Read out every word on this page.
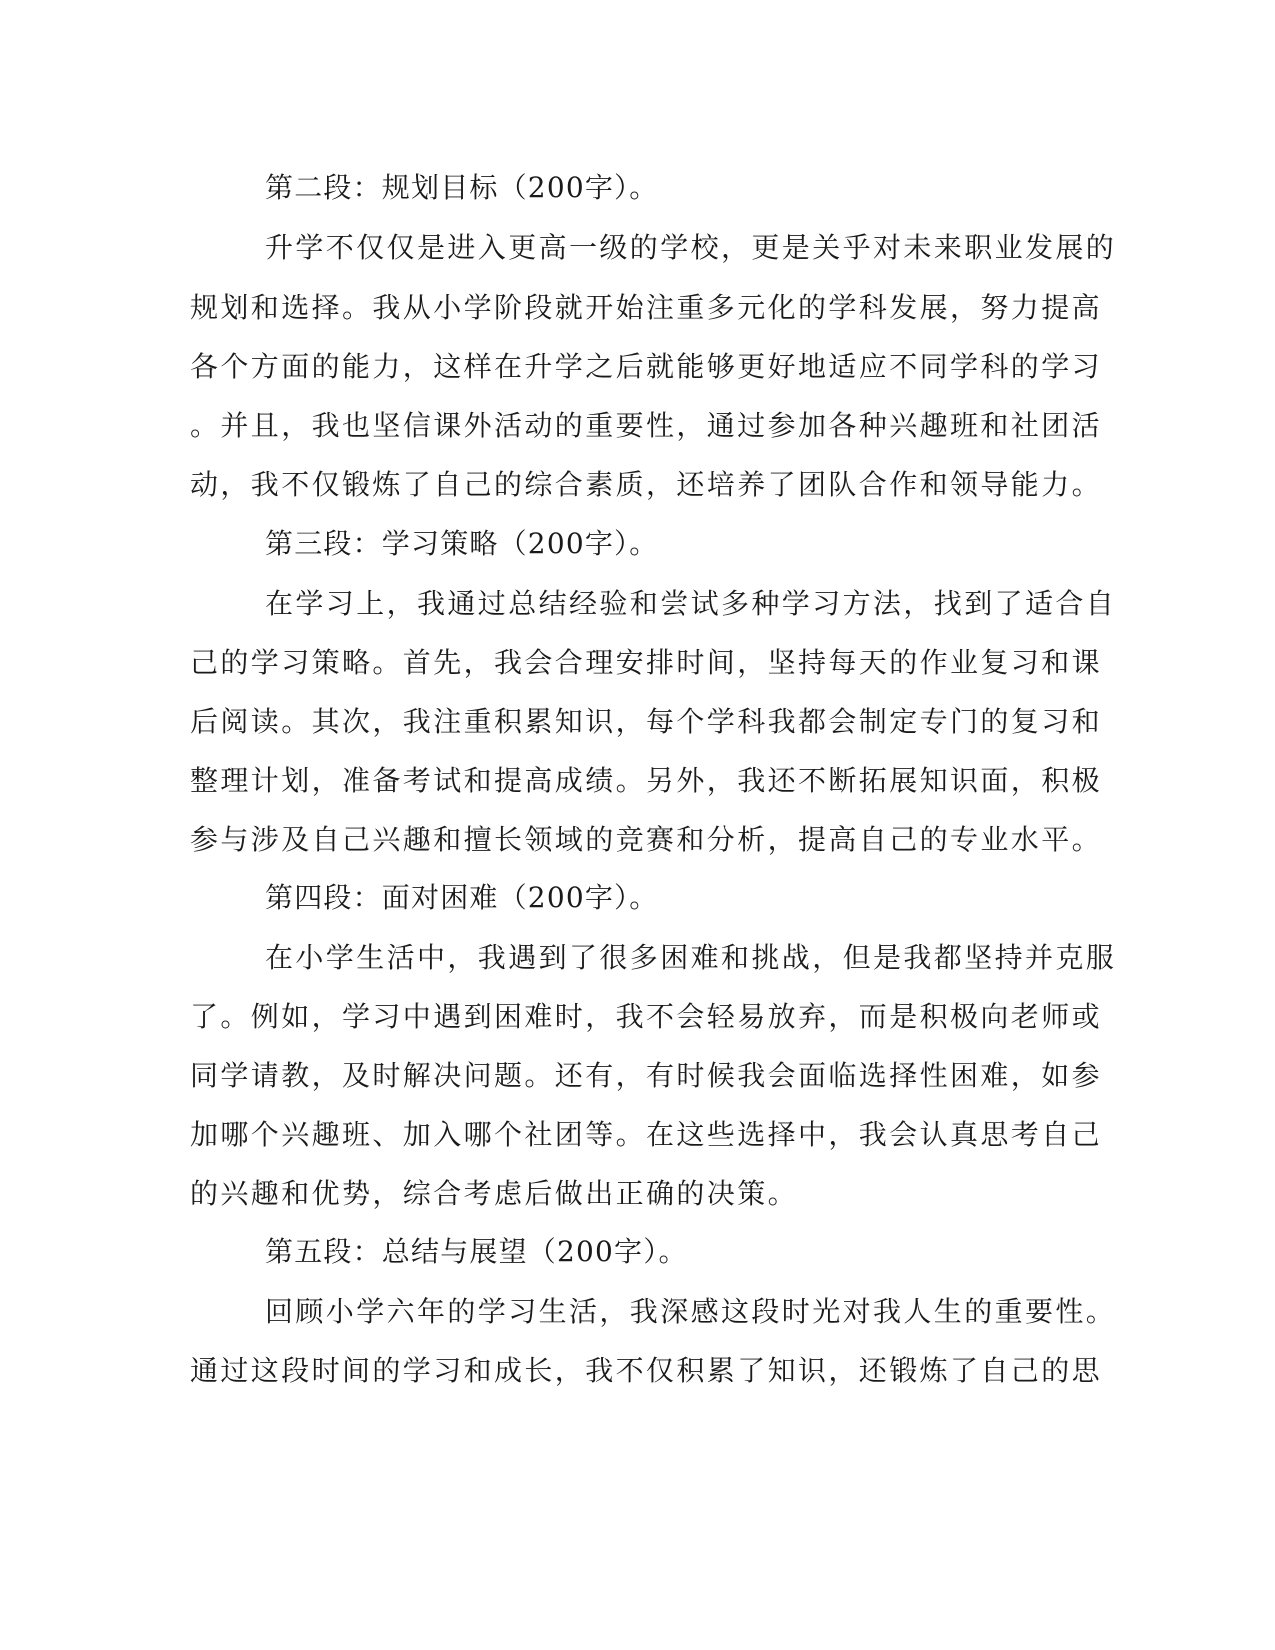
第二段：规划目标（200字）。
升学不仅仅是进入更高一级的学校，更是关乎对未来职业发展的
规划和选择。我从小学阶段就开始注重多元化的学科发展，努力提高
各个方面的能力，这样在升学之后就能够更好地适应不同学科的学习
。并且，我也坚信课外活动的重要性，通过参加各种兴趣班和社团活
动，我不仅锻炼了自己的综合素质，还培养了团队合作和领导能力。
第三段：学习策略（200字）。
在学习上，我通过总结经验和尝试多种学习方法，找到了适合自
己的学习策略。首先，我会合理安排时间，坚持每天的作业复习和课
后阅读。其次，我注重积累知识，每个学科我都会制定专门的复习和
整理计划，准备考试和提高成绩。另外，我还不断拓展知识面，积极
参与涉及自己兴趣和擅长领域的竞赛和分析，提高自己的专业水平。
第四段：面对困难（200字）。
在小学生活中，我遇到了很多困难和挑战，但是我都坚持并克服
了。例如，学习中遇到困难时，我不会轻易放弃，而是积极向老师或
同学请教，及时解决问题。还有，有时候我会面临选择性困难，如参
加哪个兴趣班、加入哪个社团等。在这些选择中，我会认真思考自己
的兴趣和优势，综合考虑后做出正确的决策。
第五段：总结与展望（200字）。
回顾小学六年的学习生活，我深感这段时光对我人生的重要性。
通过这段时间的学习和成长，我不仅积累了知识，还锻炼了自己的思
